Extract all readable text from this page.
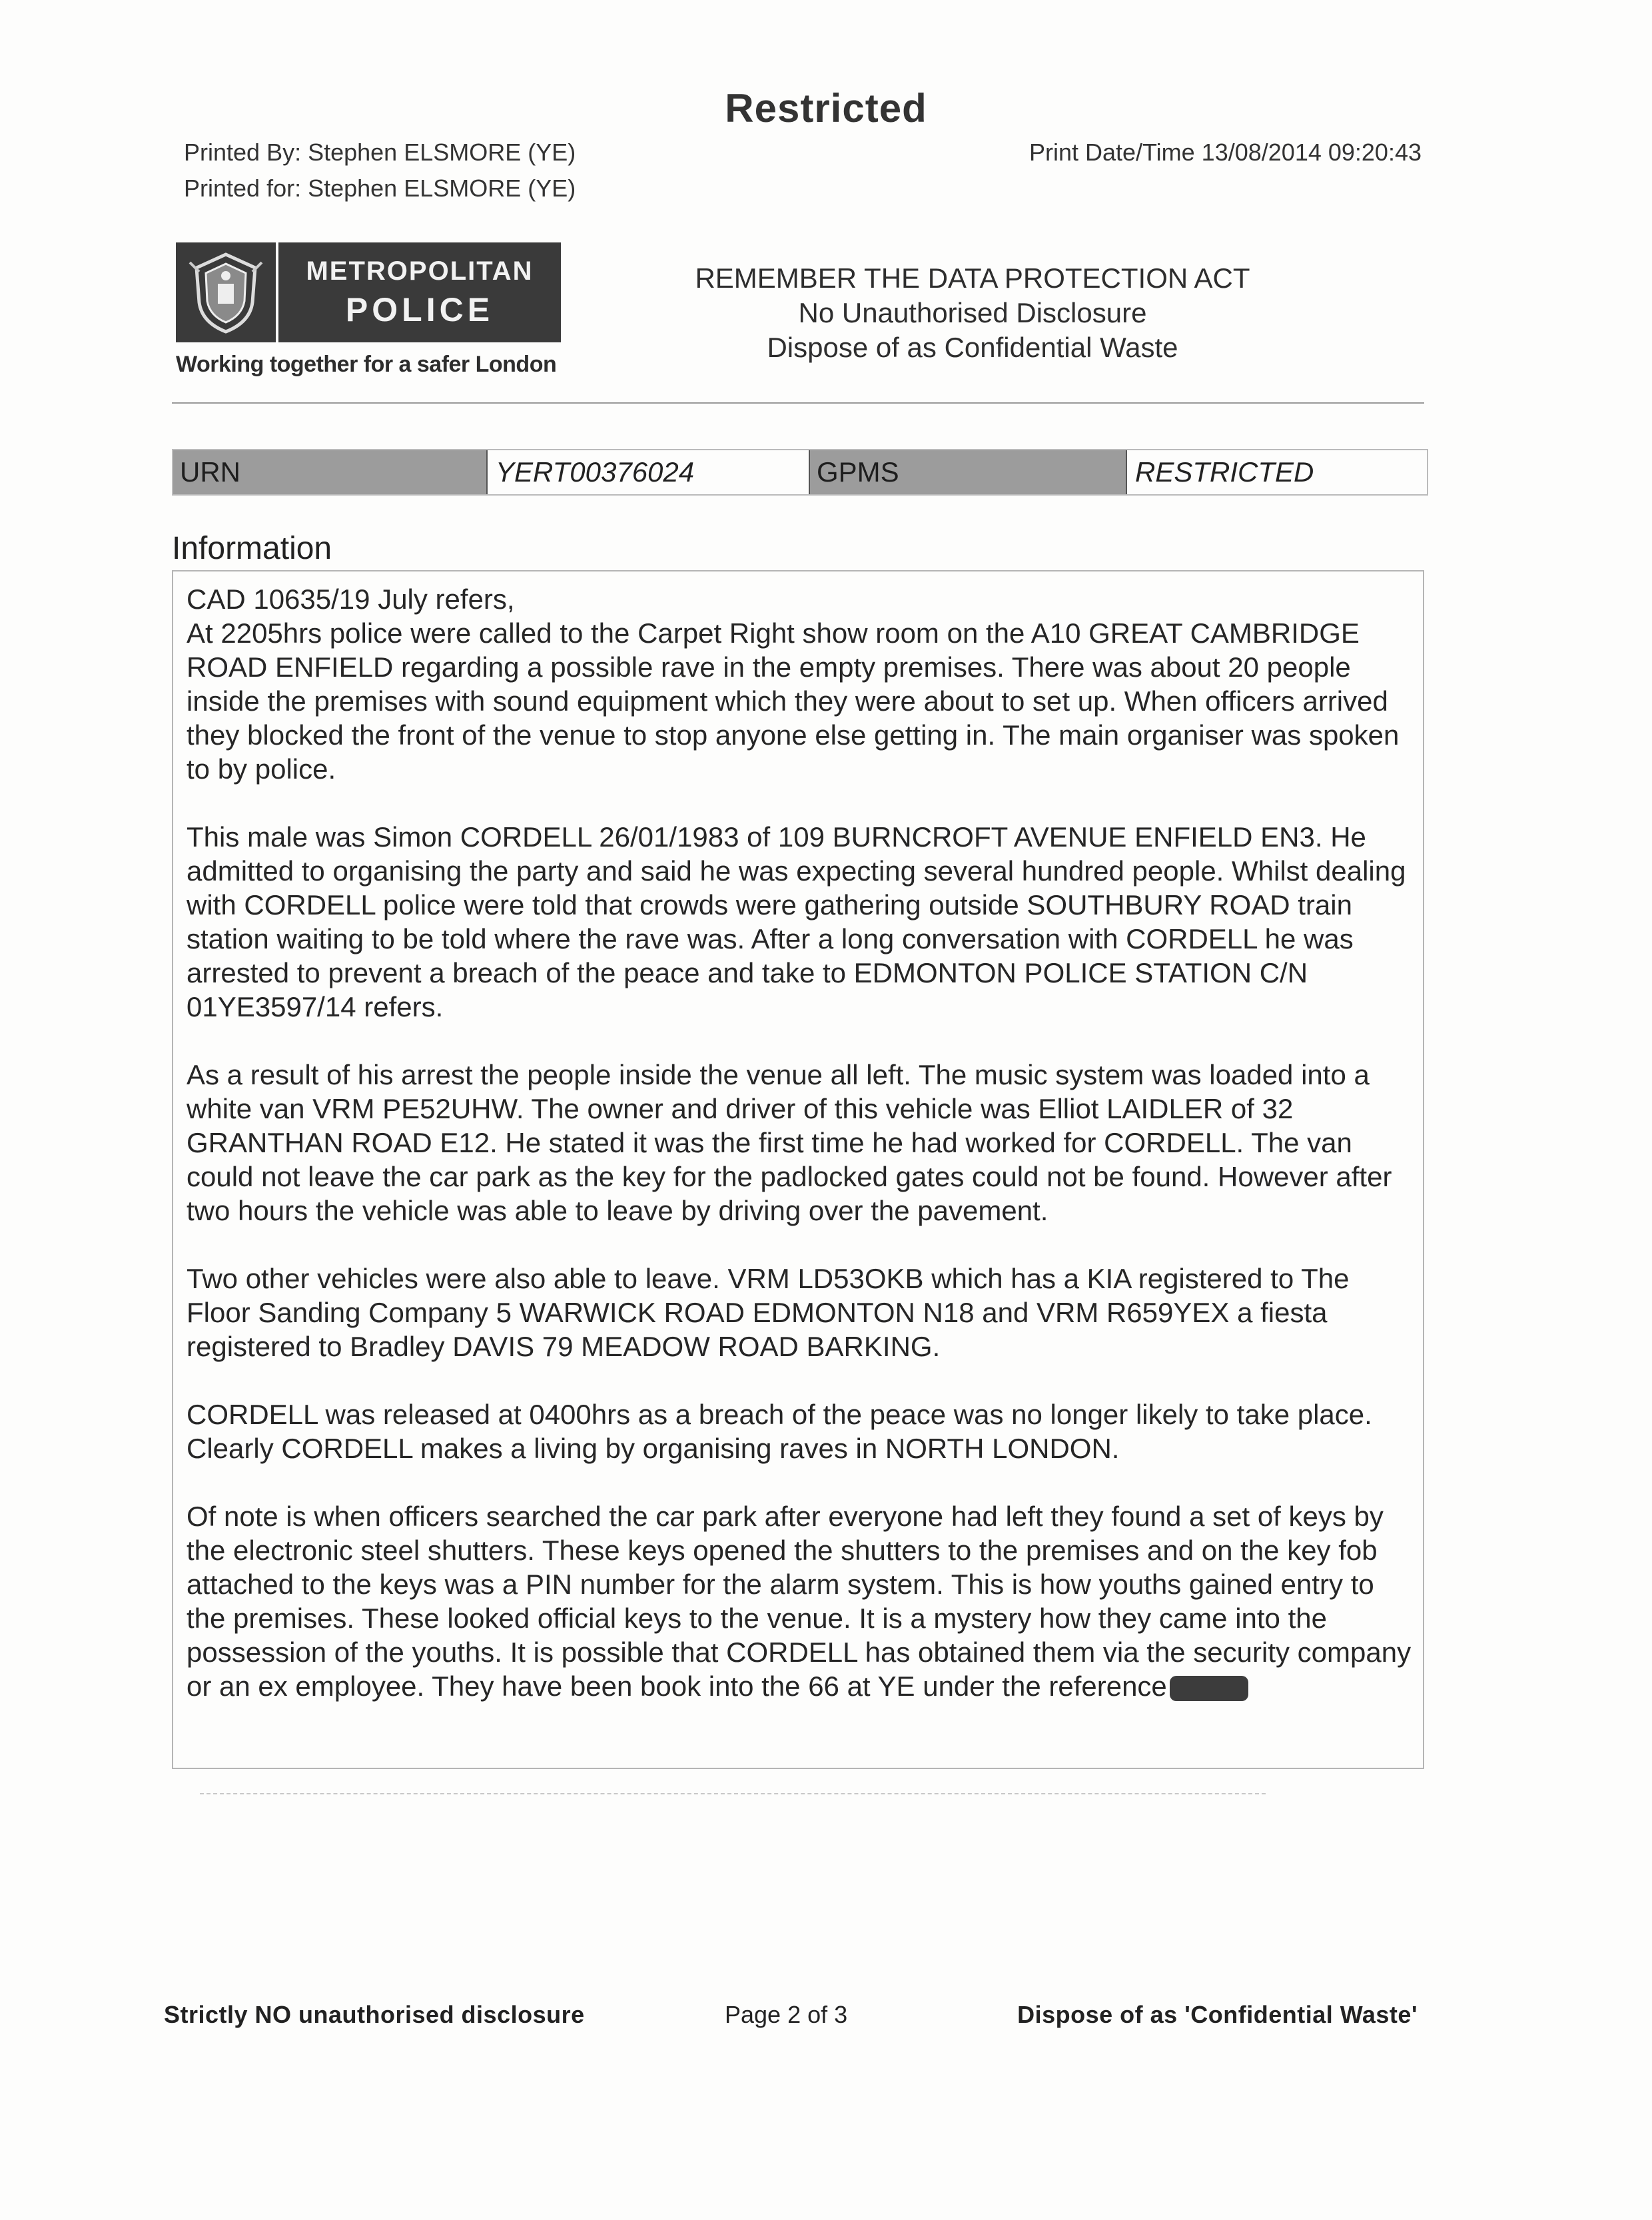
Restricted
Printed By: Stephen ELSMORE (YE)
Printed for: Stephen ELSMORE (YE)
Print Date/Time 13/08/2014 09:20:43
METROPOLITAN
POLICE
Working together for a safer London
REMEMBER THE DATA PROTECTION ACT
No Unauthorised Disclosure
Dispose of as Confidential Waste
URN	YERT00376024	GPMS	RESTRICTED
Information

CAD 10635/19 July refers,
At 2205hrs police were called to the Carpet Right show room on the A10 GREAT CAMBRIDGE ROAD ENFIELD regarding a possible rave in the empty premises. There was about 20 people inside the premises with sound equipment which they were about to set up. When officers arrived they blocked the front of the venue to stop anyone else getting in. The main organiser was spoken to by police.

This male was Simon CORDELL 26/01/1983 of 109 BURNCROFT AVENUE ENFIELD EN3. He admitted to organising the party and said he was expecting several hundred people. Whilst dealing with CORDELL police were told that crowds were gathering outside SOUTHBURY ROAD train station waiting to be told where the rave was. After a long conversation with CORDELL he was arrested to prevent a breach of the peace and take to EDMONTON POLICE STATION C/N 01YE3597/14 refers.

As a result of his arrest the people inside the venue all left. The music system was loaded into a white van VRM PE52UHW. The owner and driver of this vehicle was Elliot LAIDLER of 32 GRANTHAN ROAD E12. He stated it was the first time he had worked for CORDELL. The van could not leave the car park as the key for the padlocked gates could not be found. However after two hours the vehicle was able to leave by driving over the pavement.

Two other vehicles were also able to leave. VRM LD53OKB which has a KIA registered to The Floor Sanding Company 5 WARWICK ROAD EDMONTON N18 and VRM R659YEX a fiesta registered to Bradley DAVIS 79 MEADOW ROAD BARKING.

CORDELL was released at 0400hrs as a breach of the peace was no longer likely to take place. Clearly CORDELL makes a living by organising raves in NORTH LONDON.

Of note is when officers searched the car park after everyone had left they found a set of keys by the electronic steel shutters. These keys opened the shutters to the premises and on the key fob attached to the keys was a PIN number for the alarm system. This is how youths gained entry to the premises. These looked official keys to the venue. It is a mystery how they came into the possession of the youths. It is possible that CORDELL has obtained them via the security company or an ex employee. They have been book into the 66 at YE under the reference

Strictly NO unauthorised disclosure	Page 2 of 3	Dispose of as 'Confidential Waste'
